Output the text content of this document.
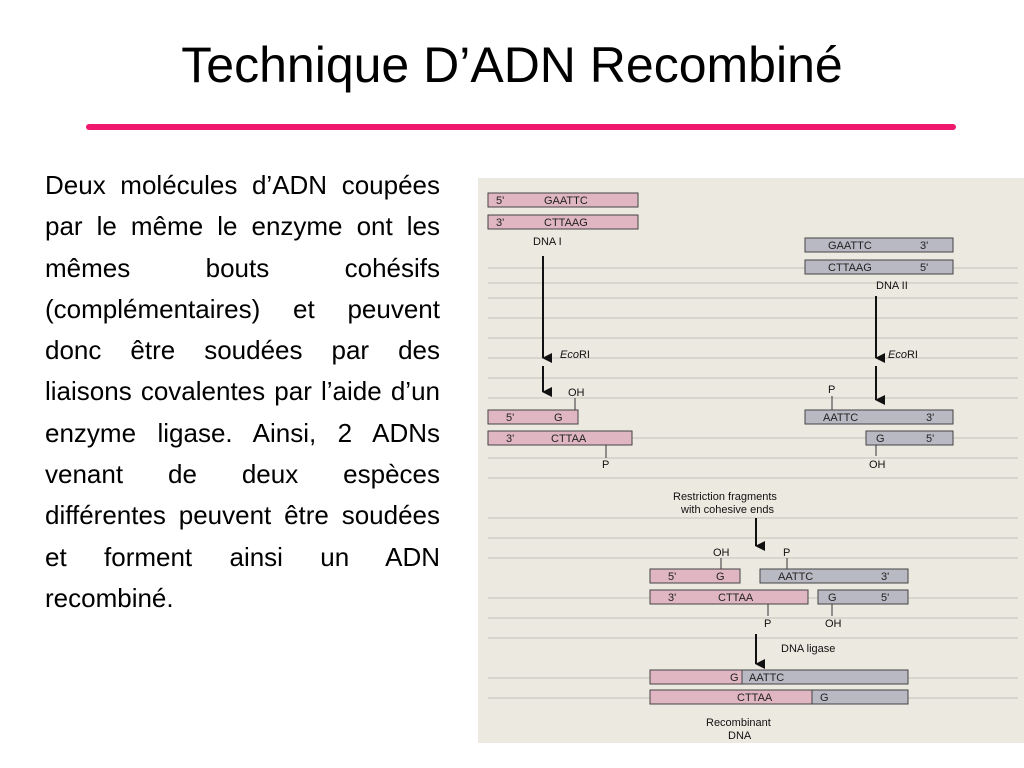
Technique D’ADN Recombiné
Deux molécules d’ADN coupées par le même le enzyme ont les mêmes bouts cohésifs (complémentaires) et peuvent donc être soudées par des liaisons covalentes par l’aide d’un enzyme ligase. Ainsi, 2 ADNs venant de deux espèces différentes peuvent être soudées et forment ainsi un ADN recombiné.
5'	GAATTC
3'	CTTAAG
DNA I	GAATTC	3'
CTTAAG	5'
DNA II
EcoRI	EcoRI
OH
5'	G
3'	CTTAA
P
P
AATTC	3'
G	5'
OH
Restriction fragments
with cohesive ends
OH	P
5'	G	AATTC	3'
3'	CTTAA	G	5'
P	OH
DNA ligase
G AATTC
CTTAA	G
Recombinant
DNA
